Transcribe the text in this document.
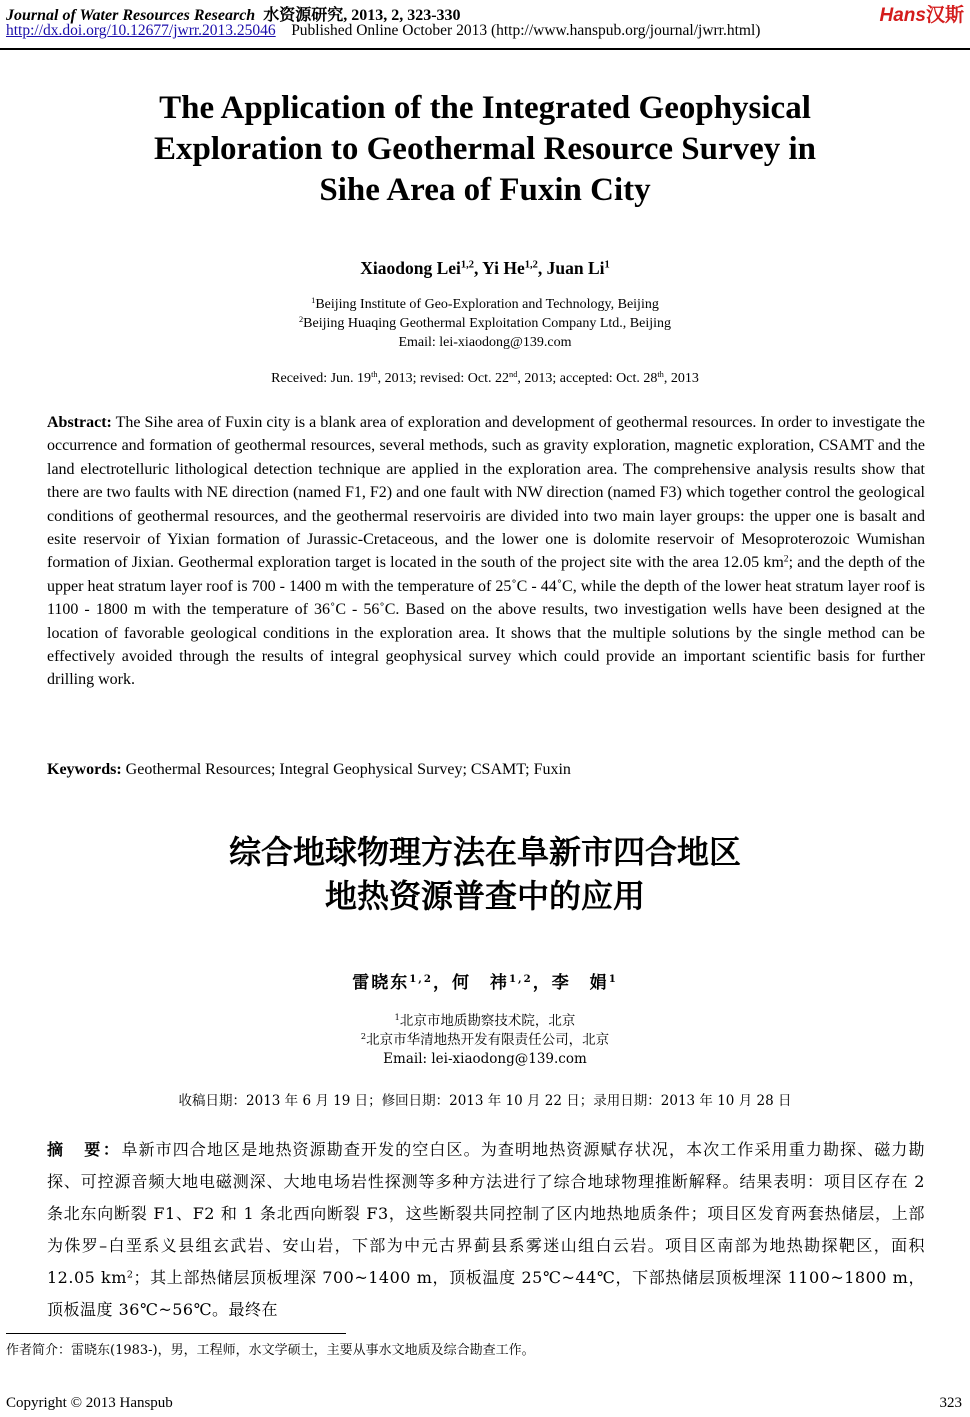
Journal of Water Resources Research 水资源研究, 2013, 2, 323-330
http://dx.doi.org/10.12677/jwrr.2013.25046 Published Online October 2013 (http://www.hanspub.org/journal/jwrr.html)
Hans汉斯
The Application of the Integrated Geophysical
Exploration to Geothermal Resource Survey in
Sihe Area of Fuxin City
Xiaodong Lei$^{1,2}$, Yi He$^{1,2}$, Juan Li$^1$
$^1$Beijing Institute of Geo-Exploration and Technology, Beijing
$^2$Beijing Huaqing Geothermal Exploitation Company Ltd., Beijing
Email: lei-xiaodong@139.com
Received: Jun. 19th, 2013; revised: Oct. 22nd, 2013; accepted: Oct. 28th, 2013
Abstract: The Sihe area of Fuxin city is a blank area of exploration and development of geothermal resources. In order to investigate the occurrence and formation of geothermal resources, several methods, such as gravity exploration, magnetic exploration, CSAMT and the land electrotelluric lithological detection technique are applied in the exploration area. The comprehensive analysis results show that there are two faults with NE direction (named F1, F2) and one fault with NW direction (named F3) which together control the geological conditions of geothermal resources, and the geothermal reservoiris are divided into two main layer groups: the upper one is basalt and esite reservoir of Yixian formation of Jurassic-Cretaceous, and the lower one is dolomite reservoir of Mesoproterozoic Wumishan formation of Jixian. Geothermal exploration target is located in the south of the project site with the area 12.05 $km^2$; and the depth of the upper heat stratum layer roof is 700 - 1400 m with the temperature of 25˚C - 44˚C, while the depth of the lower heat stratum layer roof is 1100 - 1800 m with the temperature of 36˚C - 56˚C. Based on the above results, two investigation wells have been designed at the location of favorable geological conditions in the exploration area. It shows that the multiple solutions by the single method can be effectively avoided through the results of integral geophysical survey which could provide an important scientific basis for further drilling work.
Keywords: Geothermal Resources; Integral Geophysical Survey; CSAMT; Fuxin
综合地球物理方法在阜新市四合地区
地热资源普查中的应用
雷晓东$^{1,2}$，何　祎$^{1,2}$，李　娟$^1$
$^1$北京市地质勘察技术院，北京
$^2$北京市华清地热开发有限责任公司，北京
Email: lei-xiaodong@139.com
收稿日期：2013 年 6 月 19 日；修回日期：2013 年 10 月 22 日；录用日期：2013 年 10 月 28 日
摘　要：阜新市四合地区是地热资源勘查开发的空白区。为查明地热资源赋存状况，本次工作采用重力勘探、磁力勘探、可控源音频大地电磁测深、大地电场岩性探测等多种方法进行了综合地球物理推断解释。结果表明：项目区存在 2 条北东向断裂 F1、F2 和 1 条北西向断裂 F3，这些断裂共同控制了区内地热地质条件；项目区发育两套热储层，上部为侏罗–白垩系义县组玄武岩、安山岩，下部为中元古界蓟县系雾迷山组白云岩。项目区南部为地热勘探靶区，面积 12.05 $km^2$；其上部热储层顶板埋深 700~1400 m，顶板温度 25℃~44℃，下部热储层顶板埋深 1100~1800 m，顶板温度 36℃~56℃。最终在
作者简介：雷晓东(1983-)，男，工程师，水文学硕士，主要从事水文地质及综合勘查工作。
Copyright © 2013 Hanspub	323
